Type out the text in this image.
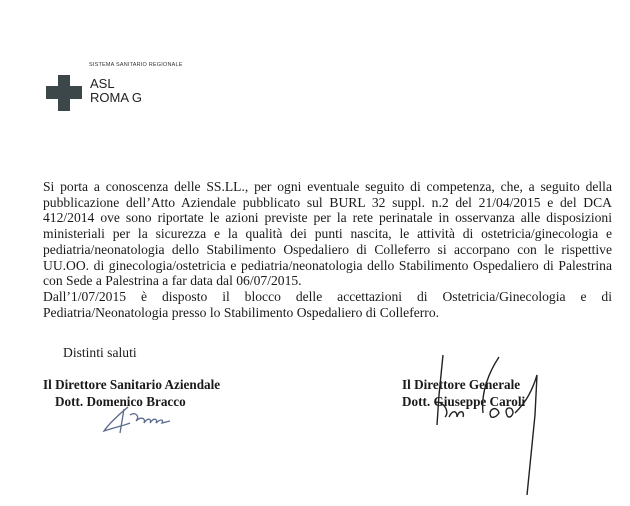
SISTEMA SANITARIO REGIONALE
ASL
ROMA G
Si porta a conoscenza delle SS.LL., per ogni eventuale seguito di competenza, che, a seguito della
pubblicazione dell’Atto Aziendale pubblicato sul BURL 32 suppl. n.2 del 21/04/2015 e del DCA
412/2014 ove sono riportate le azioni previste per la rete perinatale in osservanza alle disposizioni
ministeriali per la sicurezza e la qualità dei punti nascita, le attività di ostetricia/ginecologia e
pediatria/neonatologia dello Stabilimento Ospedaliero di Colleferro si accorpano con le rispettive
UU.OO. di ginecologia/ostetricia e pediatria/neonatologia dello Stabilimento Ospedaliero di Palestrina
con Sede a Palestrina a far data dal 06/07/2015.
Dall’1/07/2015 è disposto il blocco delle accettazioni di Ostetricia/Ginecologia e di
Pediatria/Neonatologia presso lo Stabilimento Ospedaliero di Colleferro.
Distinti saluti
Il Direttore Sanitario Aziendale
Dott. Domenico Bracco
Il Direttore Generale
Dott. Giuseppe Caroli
